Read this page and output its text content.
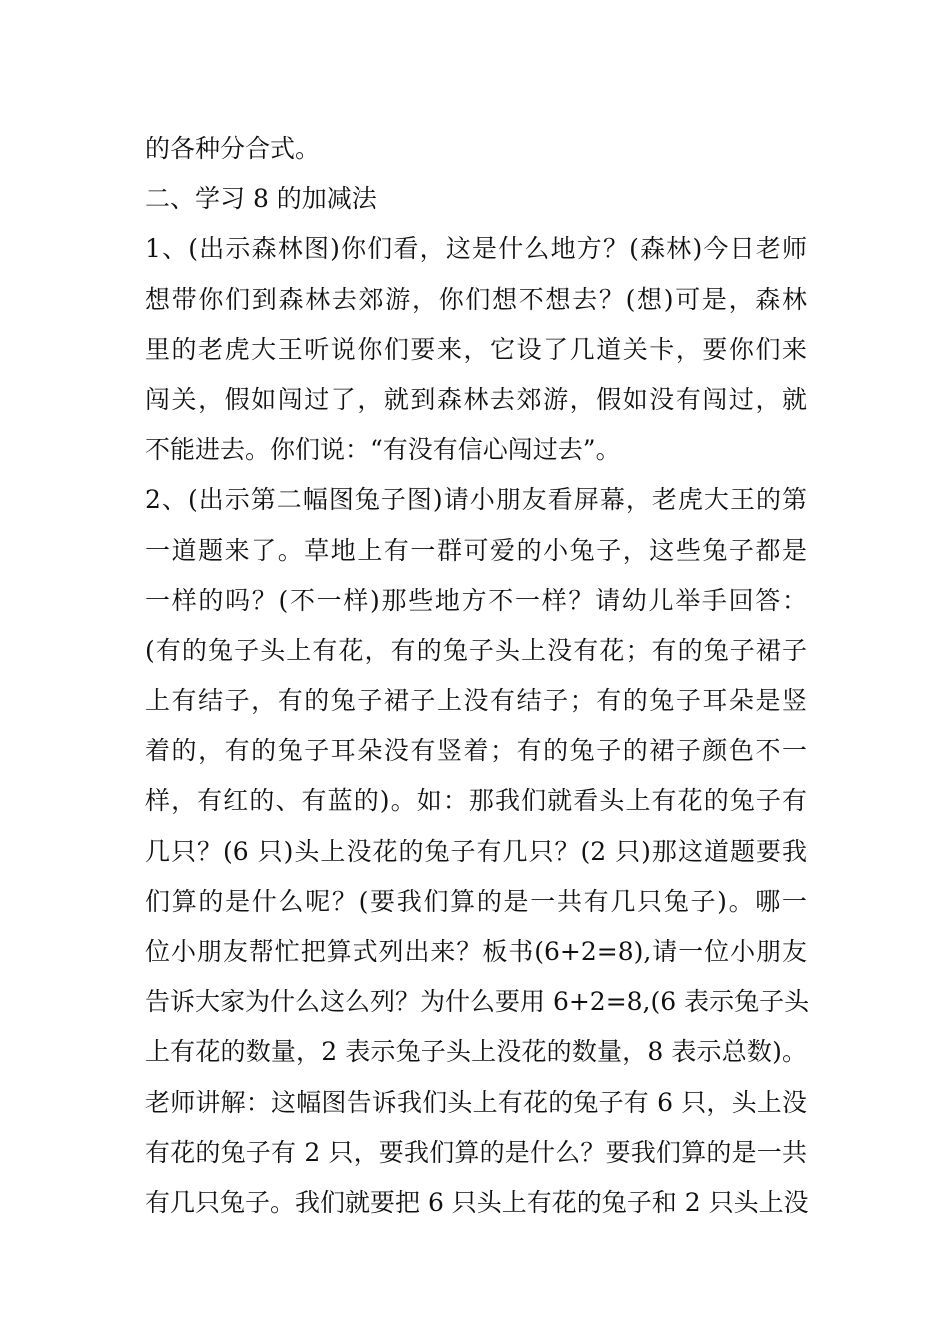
的各种分合式。
二、学习 8 的加减法
1、(出示森林图)你们看，这是什么地方？(森林)今日老师
想带你们到森林去郊游，你们想不想去？(想)可是，森林
里的老虎大王听说你们要来，它设了几道关卡，要你们来
闯关，假如闯过了，就到森林去郊游，假如没有闯过，就
不能进去。你们说：“有没有信心闯过去”。
2、(出示第二幅图兔子图)请小朋友看屏幕，老虎大王的第
一道题来了。草地上有一群可爱的小兔子，这些兔子都是
一样的吗？(不一样)那些地方不一样？请幼儿举手回答：
(有的兔子头上有花，有的兔子头上没有花；有的兔子裙子
上有结子，有的兔子裙子上没有结子；有的兔子耳朵是竖
着的，有的兔子耳朵没有竖着；有的兔子的裙子颜色不一
样，有红的、有蓝的)。如：那我们就看头上有花的兔子有
几只？(6 只)头上没花的兔子有几只？(2 只)那这道题要我
们算的是什么呢？(要我们算的是一共有几只兔子)。哪一
位小朋友帮忙把算式列出来？板书(6+2=8),请一位小朋友
告诉大家为什么这么列？为什么要用 6+2=8,(6 表示兔子头
上有花的数量，2 表示兔子头上没花的数量，8 表示总数)。
老师讲解：这幅图告诉我们头上有花的兔子有 6 只，头上没
有花的兔子有 2 只，要我们算的是什么？要我们算的是一共
有几只兔子。我们就要把 6 只头上有花的兔子和 2 只头上没
